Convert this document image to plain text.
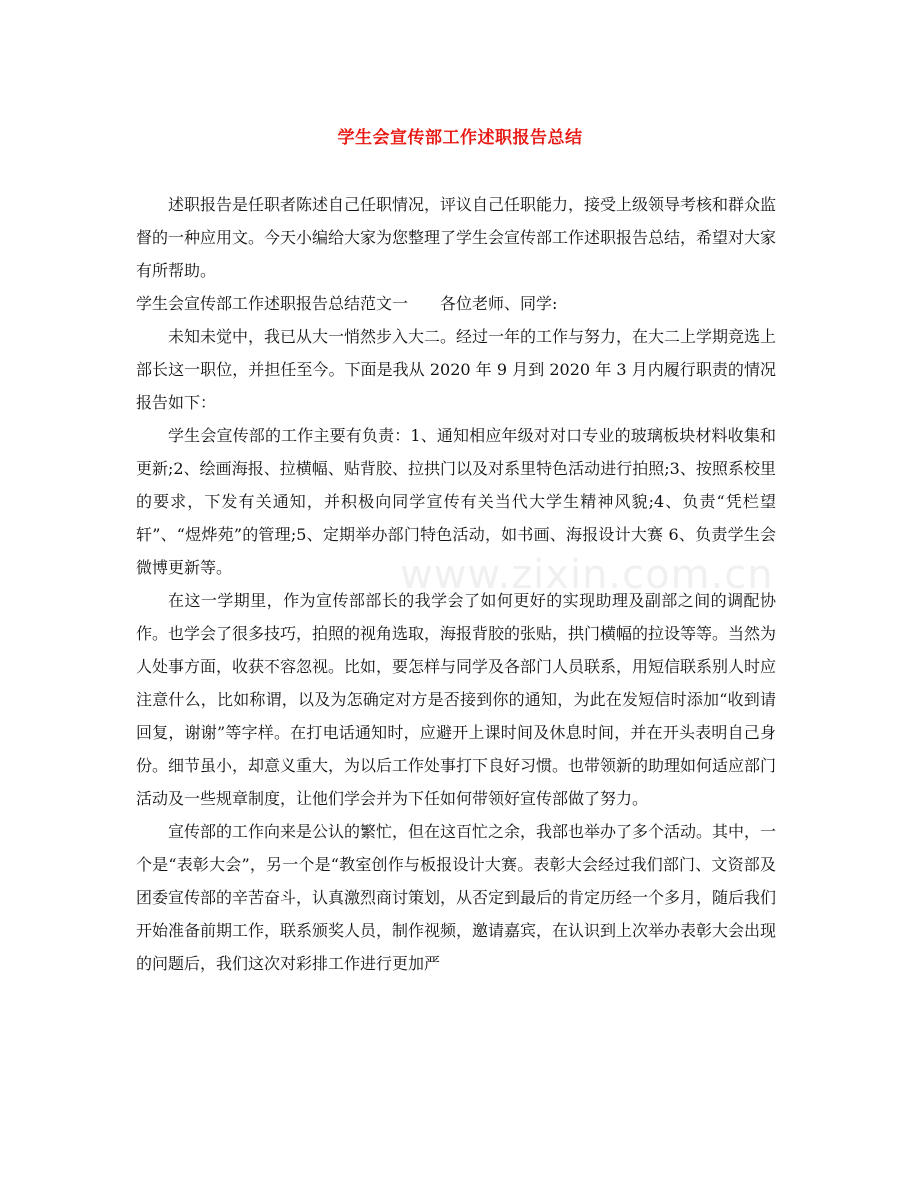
学生会宣传部工作述职报告总结

述职报告是任职者陈述自己任职情况，评议自己任职能力，接受上级领导考核和群众监督的一种应用文。今天小编给大家为您整理了学生会宣传部工作述职报告总结，希望对大家有所帮助。

学生会宣传部工作述职报告总结范文一　　各位老师、同学:

未知未觉中，我已从大一悄然步入大二。经过一年的工作与努力，在大二上学期竞选上部长这一职位，并担任至今。下面是我从 2020 年 9 月到 2020 年 3 月内履行职责的情况报告如下：

学生会宣传部的工作主要有负责：1、通知相应年级对对口专业的玻璃板块材料收集和更新;2、绘画海报、拉横幅、贴背胶、拉拱门以及对系里特色活动进行拍照;3、按照系校里的要求，下发有关通知，并积极向同学宣传有关当代大学生精神风貌;4、负责“凭栏望轩”、“煜烨苑”的管理;5、定期举办部门特色活动，如书画、海报设计大赛 6、负责学生会微博更新等。

在这一学期里，作为宣传部部长的我学会了如何更好的实现助理及副部之间的调配协作。也学会了很多技巧，拍照的视角选取，海报背胶的张贴，拱门横幅的拉设等等。当然为人处事方面，收获不容忽视。比如，要怎样与同学及各部门人员联系，用短信联系别人时应注意什么，比如称谓，以及为怎确定对方是否接到你的通知，为此在发短信时添加“收到请回复，谢谢”等字样。在打电话通知时，应避开上课时间及休息时间，并在开头表明自己身份。细节虽小，却意义重大，为以后工作处事打下良好习惯。也带领新的助理如何适应部门活动及一些规章制度，让他们学会并为下任如何带领好宣传部做了努力。

宣传部的工作向来是公认的繁忙，但在这百忙之余，我部也举办了多个活动。其中，一个是“表彰大会”，另一个是“教室创作与板报设计大赛。表彰大会经过我们部门、文资部及团委宣传部的辛苦奋斗，认真激烈商讨策划，从否定到最后的肯定历经一个多月，随后我们开始准备前期工作，联系颁奖人员，制作视频，邀请嘉宾，在认识到上次举办表彰大会出现的问题后，我们这次对彩排工作进行更加严

www.zixin.com.cn
